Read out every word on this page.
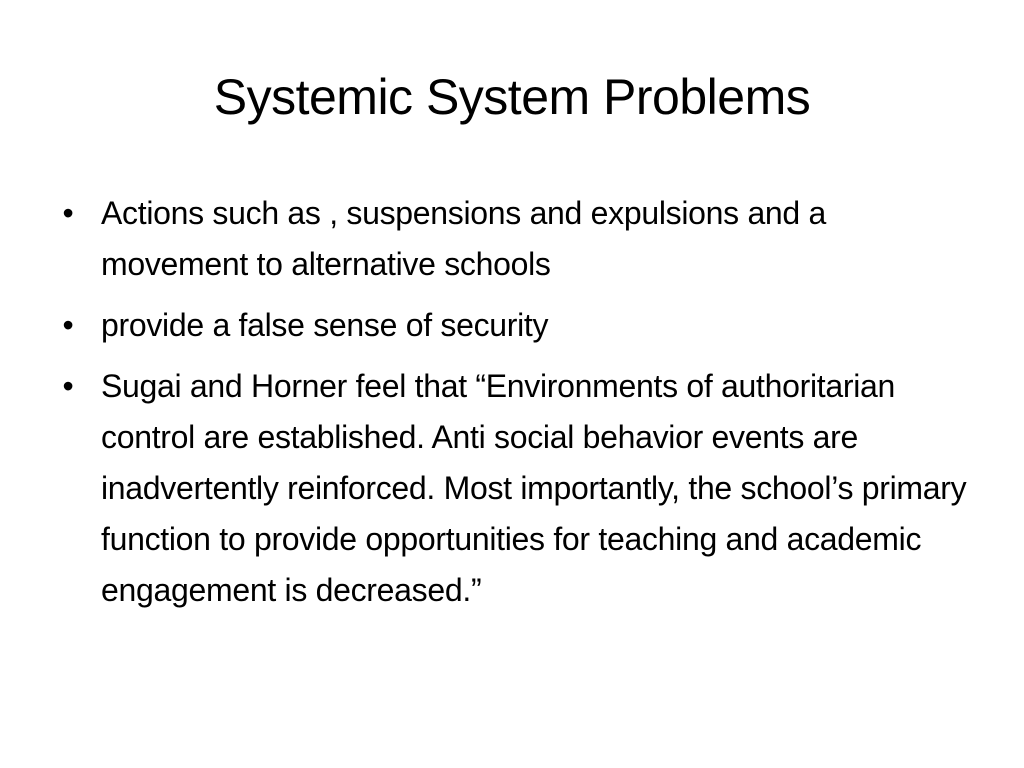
Systemic System Problems
• Actions such as , suspensions and expulsions and a movement to alternative schools
• provide a false sense of security
• Sugai and Horner feel that “Environments of authoritarian control are established. Anti social behavior events are inadvertently reinforced. Most importantly, the school’s primary function to provide opportunities for teaching and academic engagement is decreased.”
